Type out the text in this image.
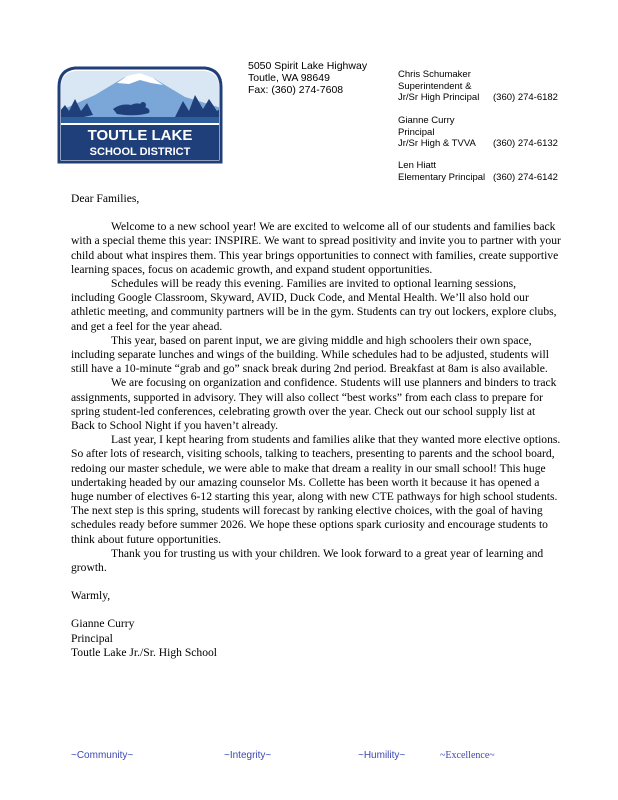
TOUTLE LAKE
SCHOOL DISTRICT
5050 Spirit Lake Highway
Toutle, WA 98649
Fax: (360) 274-7608
Chris Schumaker
Superintendent &
Jr/Sr High Principal (360) 274-6182
Gianne Curry
Principal
Jr/Sr High & TVVA (360) 274-6132
Len Hiatt
Elementary Principal (360) 274-6142

Dear Families,

Welcome to a new school year! We are excited to welcome all of our students and families back with a special theme this year: INSPIRE. We want to spread positivity and invite you to partner with your child about what inspires them. This year brings opportunities to connect with families, create supportive learning spaces, focus on academic growth, and expand student opportunities.

Schedules will be ready this evening. Families are invited to optional learning sessions, including Google Classroom, Skyward, AVID, Duck Code, and Mental Health. We’ll also hold our athletic meeting, and community partners will be in the gym. Students can try out lockers, explore clubs, and get a feel for the year ahead.

This year, based on parent input, we are giving middle and high schoolers their own space, including separate lunches and wings of the building. While schedules had to be adjusted, students will still have a 10-minute “grab and go” snack break during 2nd period. Breakfast at 8am is also available.

We are focusing on organization and confidence. Students will use planners and binders to track assignments, supported in advisory. They will also collect “best works” from each class to prepare for spring student-led conferences, celebrating growth over the year. Check out our school supply list at Back to School Night if you haven’t already.

Last year, I kept hearing from students and families alike that they wanted more elective options. So after lots of research, visiting schools, talking to teachers, presenting to parents and the school board, redoing our master schedule, we were able to make that dream a reality in our small school! This huge undertaking headed by our amazing counselor Ms. Collette has been worth it because it has opened a huge number of electives 6-12 starting this year, along with new CTE pathways for high school students. The next step is this spring, students will forecast by ranking elective choices, with the goal of having schedules ready before summer 2026. We hope these options spark curiosity and encourage students to think about future opportunities.

Thank you for trusting us with your children. We look forward to a great year of learning and growth.

Warmly,
Gianne Curry
Principal
Toutle Lake Jr./Sr. High School
~Community~	~Integrity~	~Humility~	~Excellence~
